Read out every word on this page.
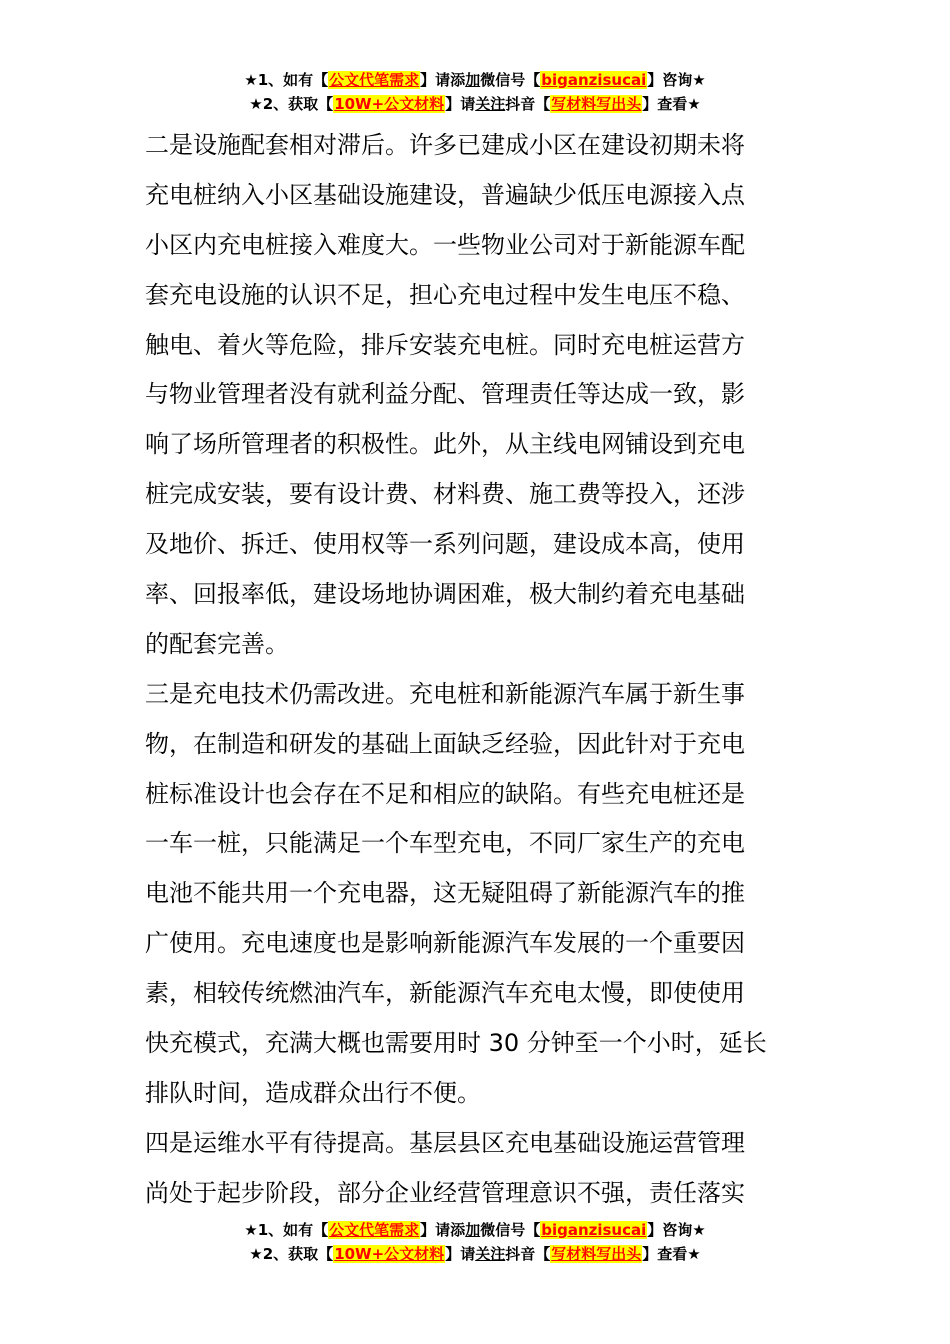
★1、如有【公文代笔需求】请添加微信号【biganzisucai】咨询★
★2、获取【10W+公文材料】请关注抖音【写材料写出头】查看★
二是设施配套相对滞后。许多已建成小区在建设初期未将
充电桩纳入小区基础设施建设，普遍缺少低压电源接入点
小区内充电桩接入难度大。一些物业公司对于新能源车配
套充电设施的认识不足，担心充电过程中发生电压不稳、
触电、着火等危险，排斥安装充电桩。同时充电桩运营方
与物业管理者没有就利益分配、管理责任等达成一致，影
响了场所管理者的积极性。此外，从主线电网铺设到充电
桩完成安装，要有设计费、材料费、施工费等投入，还涉
及地价、拆迁、使用权等一系列问题，建设成本高，使用
率、回报率低，建设场地协调困难，极大制约着充电基础
的配套完善。
三是充电技术仍需改进。充电桩和新能源汽车属于新生事
物，在制造和研发的基础上面缺乏经验，因此针对于充电
桩标准设计也会存在不足和相应的缺陷。有些充电桩还是
一车一桩，只能满足一个车型充电，不同厂家生产的充电
电池不能共用一个充电器，这无疑阻碍了新能源汽车的推
广使用。充电速度也是影响新能源汽车发展的一个重要因
素，相较传统燃油汽车，新能源汽车充电太慢，即使使用
快充模式，充满大概也需要用时 30 分钟至一个小时，延长
排队时间，造成群众出行不便。
四是运维水平有待提高。基层县区充电基础设施运营管理
尚处于起步阶段，部分企业经营管理意识不强，责任落实
★1、如有【公文代笔需求】请添加微信号【biganzisucai】咨询★
★2、获取【10W+公文材料】请关注抖音【写材料写出头】查看★
